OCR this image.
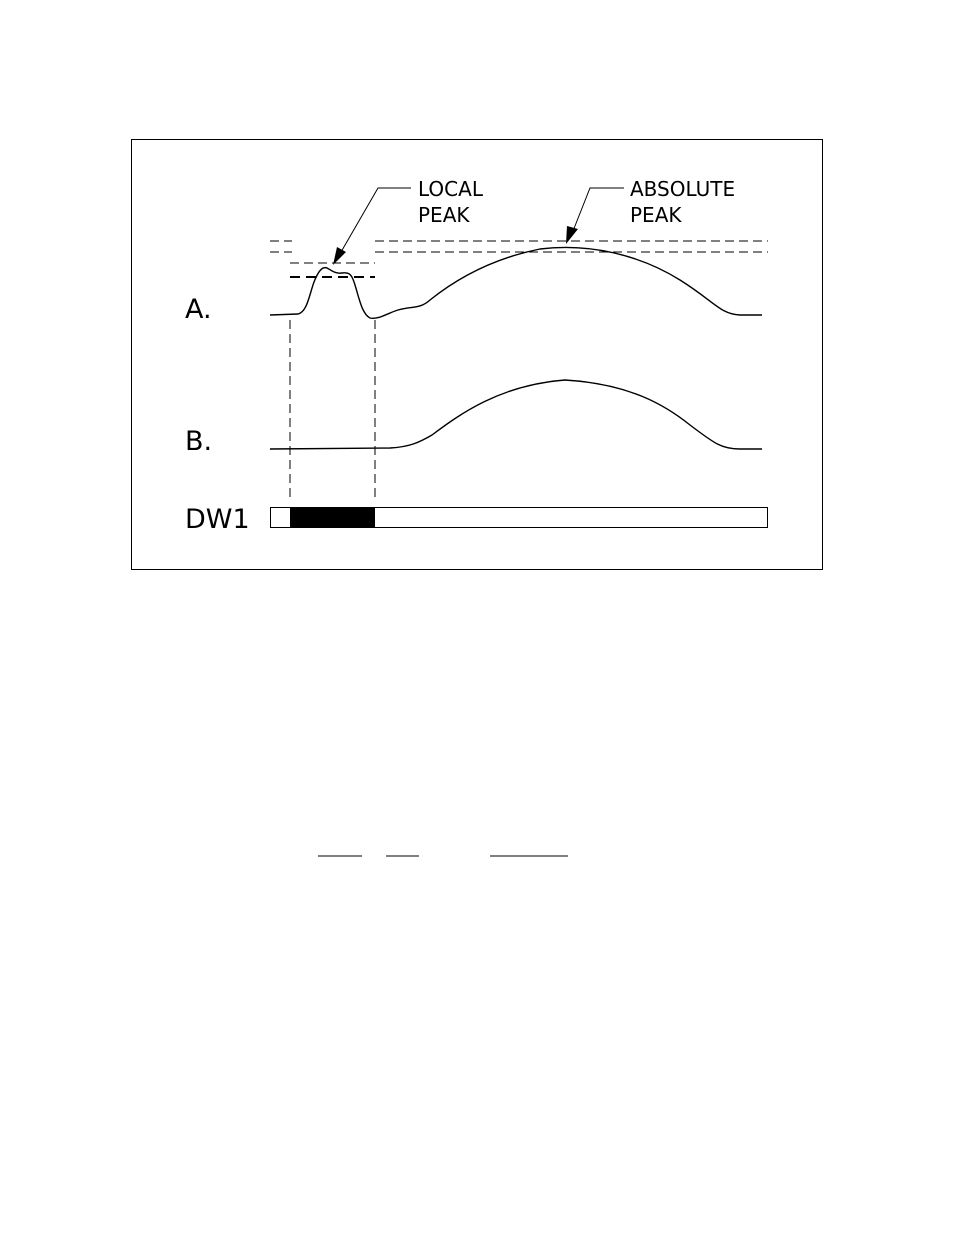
LOCAL
PEAK
ABSOLUTE
PEAK
A.
B.
DW1
